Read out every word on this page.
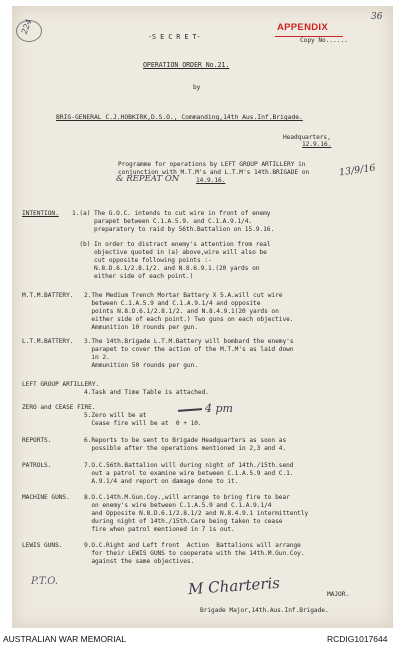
-S E C R E T-
APPENDIX
Copy No......
36
224
OPERATION ORDER No.21.
by
BRIG-GENERAL C.J.HOBKIRK,D.S.O., Commanding,14th Aus.Inf.Brigade.
Headquarters,
12.9.16.
Programme for operations by LEFT GROUP ARTILLERY in
conjunction with M.T.M's and L.T.M's 14th.BRIGADE on
14.9.16.
& REPEAT ON
13/9/16
INTENTION. 1.(a) The G.O.C. intends to cut wire in front of enemy
parapet between C.1.A.5.9. and C.1.A.9.1/4.
preparatory to raid by 56th.Battalion on 15.9.16.
(b) In order to distract enemy's attention from real
objective quoted in (a) above,wire will also be
cut opposite following points :-
N.8.D.6.1/2.8.1/2. and N.8.6.9.1.(20 yards on
either side of each point.)
M.T.M.BATTERY. 2.The Medium Trench Mortar Battery X 5.A.will cut wire
between C.1.A.5.9 and C.1.A.9.1/4 and opposite
points N.8.D.6.1/2.8.1/2. and N.8.4.9.1(20 yards on
either side of each point.) Two guns on each objective.
Ammunition 10 rounds per gun.
L.T.M.BATTERY. 3.The 14th.Brigade L.T.M.Battery will bombard the enemy's
parapet to cover the action of the M.T.M's as laid down
in 2.
Ammunition 50 rounds per gun.
LEFT GROUP ARTILLERY.
4.Task and Time Table is attached.
ZERO and CEASE FIRE.
5.Zero will be at
4 pm
Cease fire will be at  0 + 10.
REPORTS.	6.Reports to be sent to Brigade Headquarters as soon as
possible after the operations mentioned in 2,3 and 4.
PATROLS.	7.O.C.56th.Battalion will during night of 14th./15th.send
out a patrol to examine wire between C.1.A.5.9 and C.1.
A.9.1/4 and report on damage done to it.
MACHINE GUNS. 8.O.C.14th.M.Gun.Coy.,will arrange to bring fire to bear
on enemy's wire between C.1.A.5.9 and C.1.A.9.1/4
and Opposite N.8.D.6.1/2.8.1/2 and N.8.4.9.1 intermittently
during night of 14th./15th.Care being taken to cease
fire when patrol mentioned in 7 is out.
LEWIS GUNS.	9.O.C.Right and Left front  Action  Battalions will arrange
for their LEWIS GUNS to cooperate with the 14th.M.Gun.Coy.
against the same objectives.
P.T.O.	M Charteris	MAJOR.
Brigade Major,14th.Aus.Inf.Brigade.
AUSTRALIAN WAR MEMORIAL	RCDIG1017644
